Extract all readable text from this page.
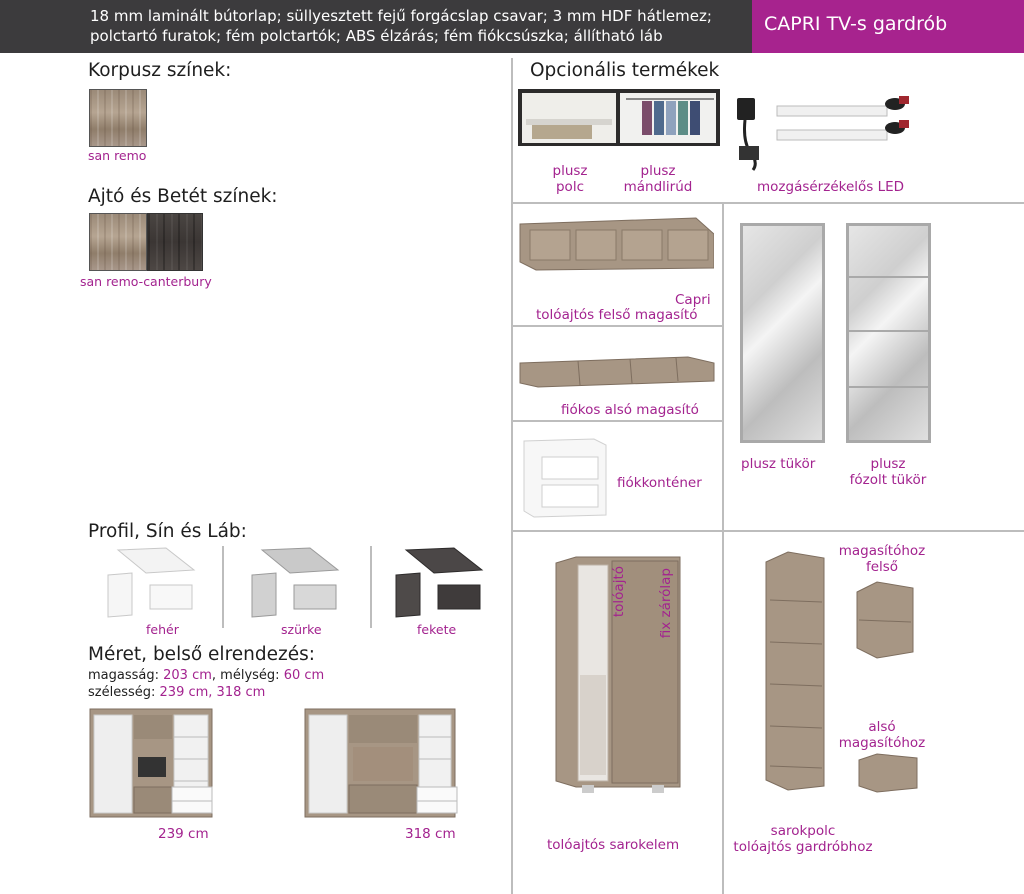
18 mm laminált bútorlap; süllyesztett fejű forgácslap csavar; 3 mm HDF hátlemez;
polctartó furatok; fém polctartók; ABS élzárás; fém fiókcsúszka; állítható láb
CAPRI TV-s gardrób
Korpusz színek:
san remo
Ajtó és Betét színek:
san remo-canterbury
Profil, Sín és Láb:
fehér	szürke	fekete
Méret, belső elrendezés:
magasság: 203 cm, mélység: 60 cm
szélesség: 239 cm, 318 cm
239 cm	318 cm
Opcionális termékek
plusz
polc
plusz
mándlirúd	mozgásérzékelős LED
Capri
tolóajtós felső magasító
fiókos alsó magasító
fiókkonténer
plusz tükör	plusz
fózolt tükör
tolóajtó fix zárólap
tolóajtós sarokelem
sarokpolc
tolóajtós gardróbhoz
magasítóhoz
felső
alsó
magasítóhoz
